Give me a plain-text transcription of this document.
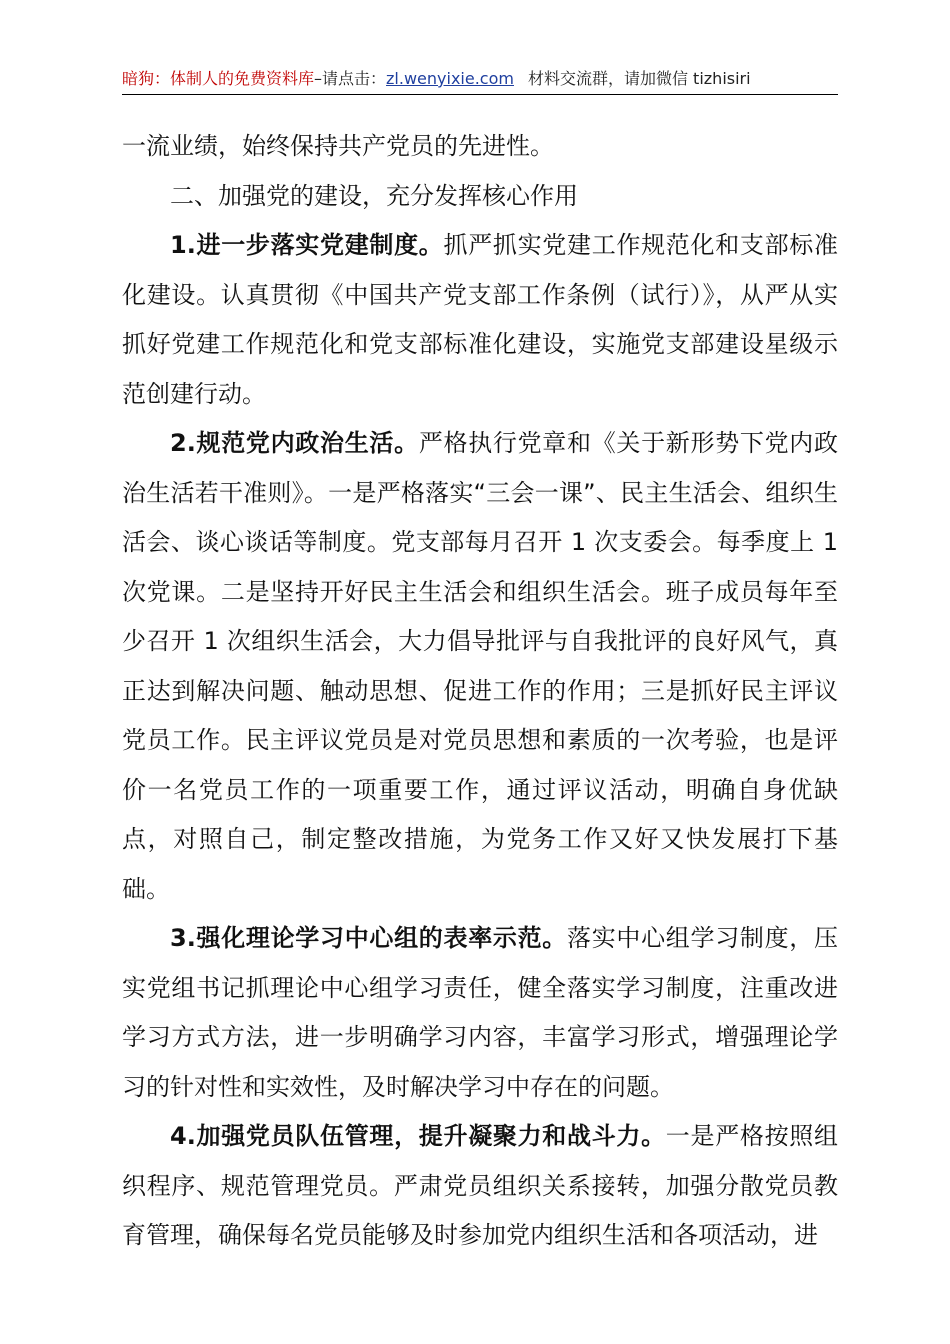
暗狗：体制人的免费资料库–请点击：zl.wenyixie.com 材料交流群，请加微信 tizhisiri

一流业绩，始终保持共产党员的先进性。

二、加强党的建设，充分发挥核心作用

1.进一步落实党建制度。抓严抓实党建工作规范化和支部标准化建设。认真贯彻《中国共产党支部工作条例（试行）》，从严从实抓好党建工作规范化和党支部标准化建设，实施党支部建设星级示范创建行动。

2.规范党内政治生活。严格执行党章和《关于新形势下党内政治生活若干准则》。一是严格落实“三会一课”、民主生活会、组织生活会、谈心谈话等制度。党支部每月召开 1 次支委会。每季度上 1 次党课。二是坚持开好民主生活会和组织生活会。班子成员每年至少召开 1 次组织生活会，大力倡导批评与自我批评的良好风气，真正达到解决问题、触动思想、促进工作的作用；三是抓好民主评议党员工作。民主评议党员是对党员思想和素质的一次考验，也是评价一名党员工作的一项重要工作，通过评议活动，明确自身优缺点，对照自己，制定整改措施，为党务工作又好又快发展打下基础。

3.强化理论学习中心组的表率示范。落实中心组学习制度，压实党组书记抓理论中心组学习责任，健全落实学习制度，注重改进学习方式方法，进一步明确学习内容，丰富学习形式，增强理论学习的针对性和实效性，及时解决学习中存在的问题。

4.加强党员队伍管理，提升凝聚力和战斗力。一是严格按照组织程序、规范管理党员。严肃党员组织关系接转，加强分散党员教育管理，确保每名党员能够及时参加党内组织生活和各项活动，进
